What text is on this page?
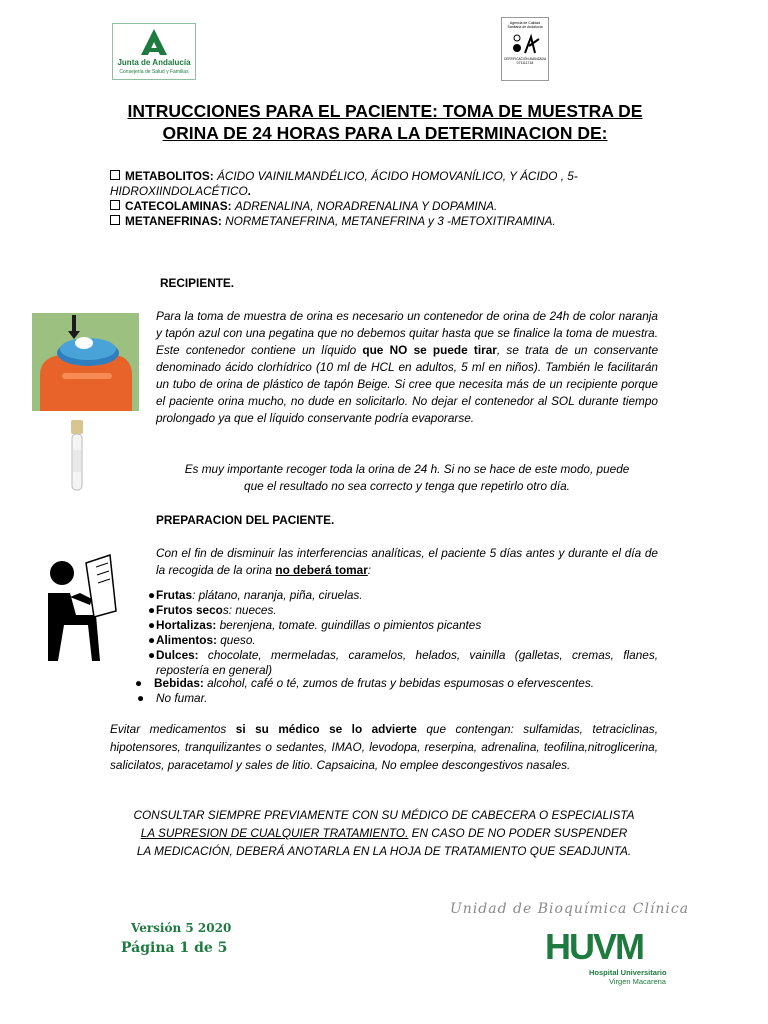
Junta de Andalucía
Consejería de Salud y Familias
Agencia de Calidad
Sanitaria de Andalucía
CERTIFICACIÓN AVANZADA
071111718
INTRUCCIONES PARA EL PACIENTE: TOMA DE MUESTRA DE
ORINA DE 24 HORAS PARA LA DETERMINACION DE:
METABOLITOS: ÁCIDO VAINILMANDÉLICO, ÁCIDO HOMOVANÍLICO, Y ÁCIDO , 5-
HIDROXIINDOLACÉTICO.
CATECOLAMINAS: ADRENALINA, NORADRENALINA Y DOPAMINA.
METANEFRINAS: NORMETANEFRINA, METANEFRINA y 3 -METOXITIRAMINA.
RECIPIENTE.
Para la toma de muestra de orina es necesario un contenedor de orina de 24h de color naranja y tapón azul con una pegatina que no debemos quitar hasta que se finalice la toma de muestra. Este contenedor contiene un líquido que NO se puede tirar, se trata de un conservante denominado ácido clorhídrico (10 ml de HCL en adultos, 5 ml en niños). También le facilitarán un tubo de orina de plástico de tapón Beige. Si cree que necesita más de un recipiente porque el paciente orina mucho, no dude en solicitarlo. No dejar el contenedor al SOL durante tiempo prolongado ya que el líquido conservante podría evaporarse.
Es muy importante recoger toda la orina de 24 h. Si no se hace de este modo, puede
que el resultado no sea correcto y tenga que repetirlo otro día.
PREPARACION DEL PACIENTE.
Con el fin de disminuir las interferencias analíticas, el paciente 5 días antes y durante el día de la recogida de la orina no deberá tomar:
● Frutas: plátano, naranja, piña, ciruelas.
● Frutos secos: nueces.
● Hortalizas: berenjena, tomate. guindillas o pimientos picantes
● Alimentos: queso.
● Dulces: chocolate, mermeladas, caramelos, helados, vainilla (galletas, cremas, flanes, repostería en general)
● Bebidas: alcohol, café o té, zumos de frutas y bebidas espumosas o efervescentes.
● No fumar.
Evitar medicamentos si su médico se lo advierte que contengan: sulfamidas, tetraciclinas, hipotensores, tranquilizantes o sedantes, IMAO, levodopa, reserpina, adrenalina, teofilina,nitroglicerina, salicilatos, paracetamol y sales de litio. Capsaicina, No emplee descongestivos nasales.
CONSULTAR SIEMPRE PREVIAMENTE CON SU MÉDICO DE CABECERA O ESPECIALISTA
LA SUPRESION DE CUALQUIER TRATAMIENTO. EN CASO DE NO PODER SUSPENDER
LA MEDICACIÓN, DEBERÁ ANOTARLA EN LA HOJA DE TRATAMIENTO QUE SEADJUNTA.
Versión 5 2020
Página 1 de 5
Unidad de Bioquímica Clínica
HUVM
Hospital Universitario
Virgen Macarena
